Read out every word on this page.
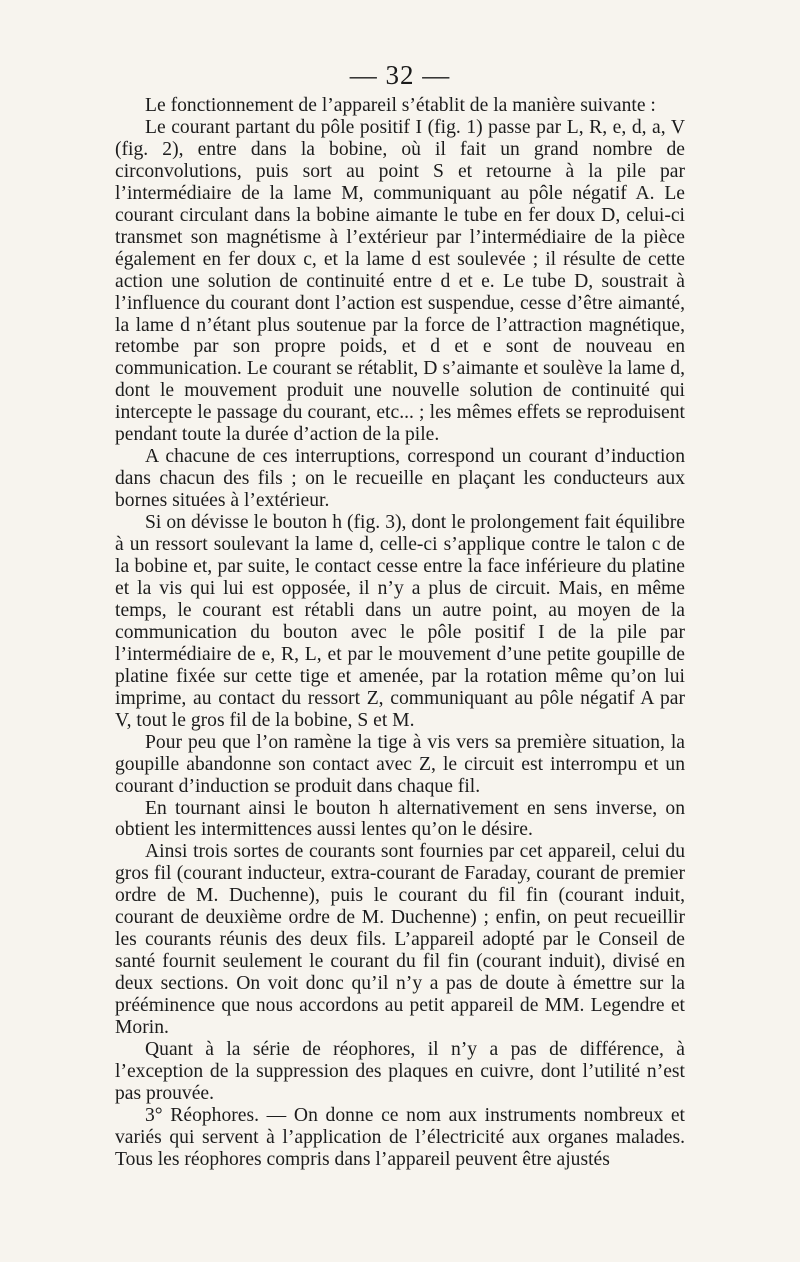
— 32 —

Le fonctionnement de l’appareil s’établit de la manière suivante :

Le courant partant du pôle positif I (fig. 1) passe par L, R, e, d, a, V (fig. 2), entre dans la bobine, où il fait un grand nombre de circonvolutions, puis sort au point S et retourne à la pile par l’intermédiaire de la lame M, communiquant au pôle négatif A. Le courant circulant dans la bobine aimante le tube en fer doux D, celui-ci transmet son magnétisme à l’extérieur par l’intermédiaire de la pièce également en fer doux c, et la lame d est soulevée ; il résulte de cette action une solution de continuité entre d et e. Le tube D, soustrait à l’influence du courant dont l’action est suspendue, cesse d’être aimanté, la lame d n’étant plus soutenue par la force de l’attraction magnétique, retombe par son propre poids, et d et e sont de nouveau en communication. Le courant se rétablit, D s’aimante et soulève la lame d, dont le mouvement produit une nouvelle solution de continuité qui intercepte le passage du courant, etc... ; les mêmes effets se reproduisent pendant toute la durée d’action de la pile.

A chacune de ces interruptions, correspond un courant d’induction dans chacun des fils ; on le recueille en plaçant les conducteurs aux bornes situées à l’extérieur.

Si on dévisse le bouton h (fig. 3), dont le prolongement fait équilibre à un ressort soulevant la lame d, celle-ci s’applique contre le talon c de la bobine et, par suite, le contact cesse entre la face inférieure du platine et la vis qui lui est opposée, il n’y a plus de circuit. Mais, en même temps, le courant est rétabli dans un autre point, au moyen de la communication du bouton avec le pôle positif I de la pile par l’intermédiaire de e, R, L, et par le mouvement d’une petite goupille de platine fixée sur cette tige et amenée, par la rotation même qu’on lui imprime, au contact du ressort Z, communiquant au pôle négatif A par V, tout le gros fil de la bobine, S et M.

Pour peu que l’on ramène la tige à vis vers sa première situation, la goupille abandonne son contact avec Z, le circuit est interrompu et un courant d’induction se produit dans chaque fil.

En tournant ainsi le bouton h alternativement en sens inverse, on obtient les intermittences aussi lentes qu’on le désire.

Ainsi trois sortes de courants sont fournies par cet appareil, celui du gros fil (courant inducteur, extra-courant de Faraday, courant de premier ordre de M. Duchenne), puis le courant du fil fin (courant induit, courant de deuxième ordre de M. Duchenne) ; enfin, on peut recueillir les courants réunis des deux fils. L’appareil adopté par le Conseil de santé fournit seulement le courant du fil fin (courant induit), divisé en deux sections. On voit donc qu’il n’y a pas de doute à émettre sur la prééminence que nous accordons au petit appareil de MM. Legendre et Morin.

Quant à la série de réophores, il n’y a pas de différence, à l’exception de la suppression des plaques en cuivre, dont l’utilité n’est pas prouvée.

3° Réophores. — On donne ce nom aux instruments nombreux et variés qui servent à l’application de l’électricité aux organes malades. Tous les réophores compris dans l’appareil peuvent être ajustés
